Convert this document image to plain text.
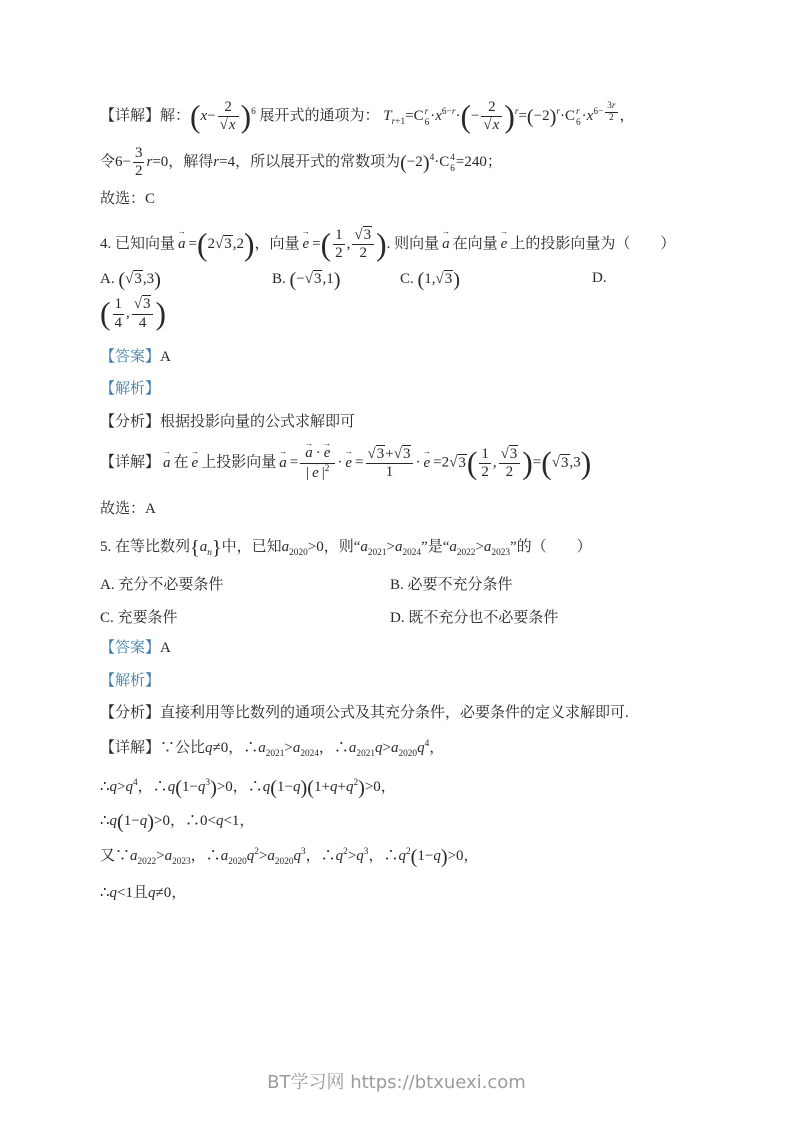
【详解】解：$(x- \frac{2}{√x} )^6$ 展开式的通项为： $T_{r+1}=C$ r
$6 \cdot x^{6-r}\cdot(- \frac{2}{√x} )^r=(-2)^r\cdot C$ r
$6 \cdot x^{6-}$ $^{\frac{3r}{2}}$ ，

令$6- \frac{3}{2} r=0$，解得r=4，所以展开式的常数项为$(-2)^4\cdot C$ 4
6 =240；

故选：C

4. 已知向量 a → =(2√3,2)，向量 e → =( $\frac{1}{2}$ , $\frac{√3}{2}$ ). 则向量 a → 在向量 e → 上的投影向量为（  ）

A. (√3,3)	B. (−√3,1)	C. (1,√3)	D.

( $\frac{1}{4}$ , $\frac{√3}{4}$ )

【答案】A

【解析】

【分析】根据投影向量的公式求解即可

【详解】 a → 在 e → 上投影向量 a → = $\frac{a \to \cdot e \to}{| e \to |^2} \cdot e$ → = $\frac{√3+√3}{1} \cdot e \to =2√3( \frac{1}{2}$ , $\frac{√3}{2} )=(√3,3)$

故选：A

5. 在等比数列$\{a_n\}$中，已知$a_{2020}>0$，则“$a_{2021}>a_{2024}$”是“$a_{2022}>a_{2023}$”的（  ）

A. 充分不必要条件	B. 必要不充分条件
C. 充要条件	D. 既不充分也不必要条件

【答案】A

【解析】

【分析】直接利用等比数列的通项公式及其充分条件，必要条件的定义求解即可.

【详解】∵公比q≠0，$\therefore a_{2021}>a_{2024}$，$\therefore a_{2021}q>a_{2020}q^4$，

$\therefore q>q^4$，$\therefore q(1-q^3)>0$，$\therefore q(1-q)(1+q+q^2)>0$，

∴q(1−q)>0，∴0<q<1，

又$\because a_{2022}>a_{2023}$，$\therefore a_{2020}q^2>a_{2020}q^3$，$\therefore q^2>q^3$，$\therefore q^2(1-q)>0$，

∴q<1且q≠0，

BT学习网 https://btxuexi.com
